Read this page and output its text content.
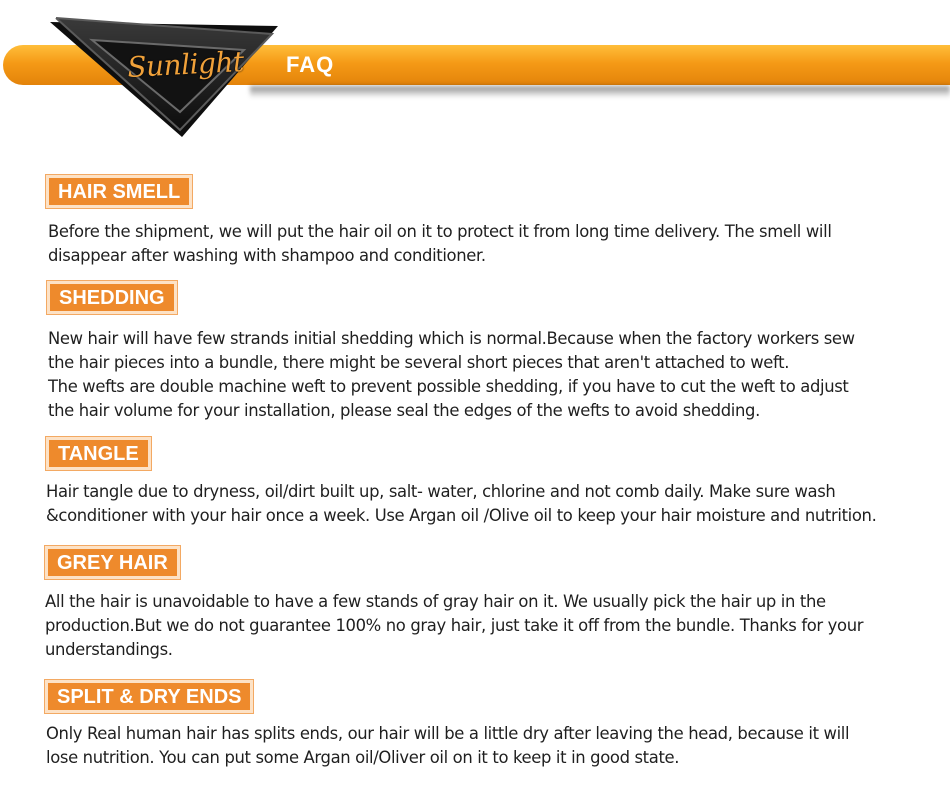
Sunlight FAQ
HAIR SMELL

Before the shipment, we will put the hair oil on it to protect it from long time delivery. The smell will
disappear after washing with shampoo and conditioner.

SHEDDING

New hair will have few strands initial shedding which is normal.Because when the factory workers sew
the hair pieces into a bundle, there might be several short pieces that aren't attached to weft.
The wefts are double machine weft to prevent possible shedding, if you have to cut the weft to adjust
the hair volume for your installation, please seal the edges of the wefts to avoid shedding.

TANGLE

Hair tangle due to dryness, oil/dirt built up, salt- water, chlorine and not comb daily. Make sure wash
&conditioner with your hair once a week. Use Argan oil /Olive oil to keep your hair moisture and nutrition.

GREY HAIR

All the hair is unavoidable to have a few stands of gray hair on it. We usually pick the hair up in the
production.But we do not guarantee 100% no gray hair, just take it off from the bundle. Thanks for your
understandings.

SPLIT & DRY ENDS

Only Real human hair has splits ends, our hair will be a little dry after leaving the head, because it will
lose nutrition. You can put some Argan oil/Oliver oil on it to keep it in good state.
